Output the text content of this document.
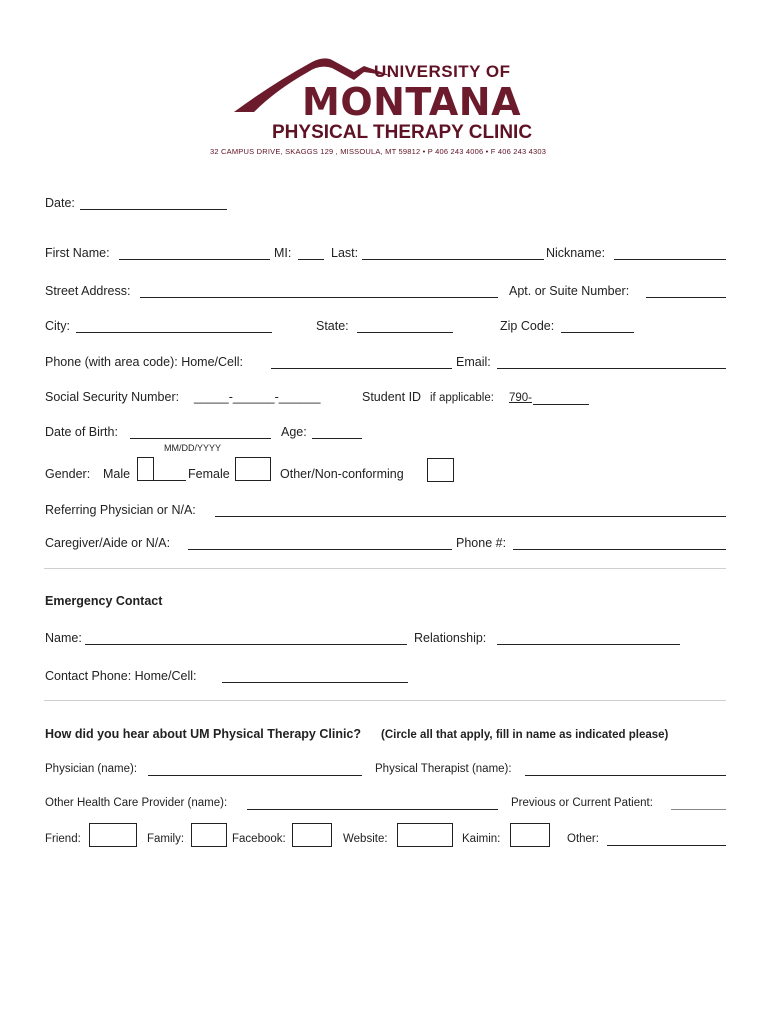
UNIVERSITY OF
MONTANA
PHYSICAL THERAPY CLINIC
32 CAMPUS DRIVE, SKAGGS 129 , MISSOULA, MT 59812 • P 406 243 4006 • F 406 243 4303
Date:
First Name:	MI:	Last:	Nickname:
Street Address:	Apt. or Suite Number:
City:	State:	Zip Code:
Phone (with area code): Home/Cell:	Email:
Social Security Number: _____-______-______	Student ID if applicable: 790-
Date of Birth:
MM/DD/YYYY
Age:
Gender: Male	Female	Other/Non-conforming
Referring Physician or N/A:
Caregiver/Aide or N/A:	Phone #:
Emergency Contact
Name:	Relationship:
Contact Phone: Home/Cell:
How did you hear about UM Physical Therapy Clinic? (Circle all that apply, fill in name as indicated please)
Physician (name):	Physical Therapist (name):
Other Health Care Provider (name):	Previous or Current Patient:
Friend:	Family:	Facebook:	Website:	Kaimin:	Other:
